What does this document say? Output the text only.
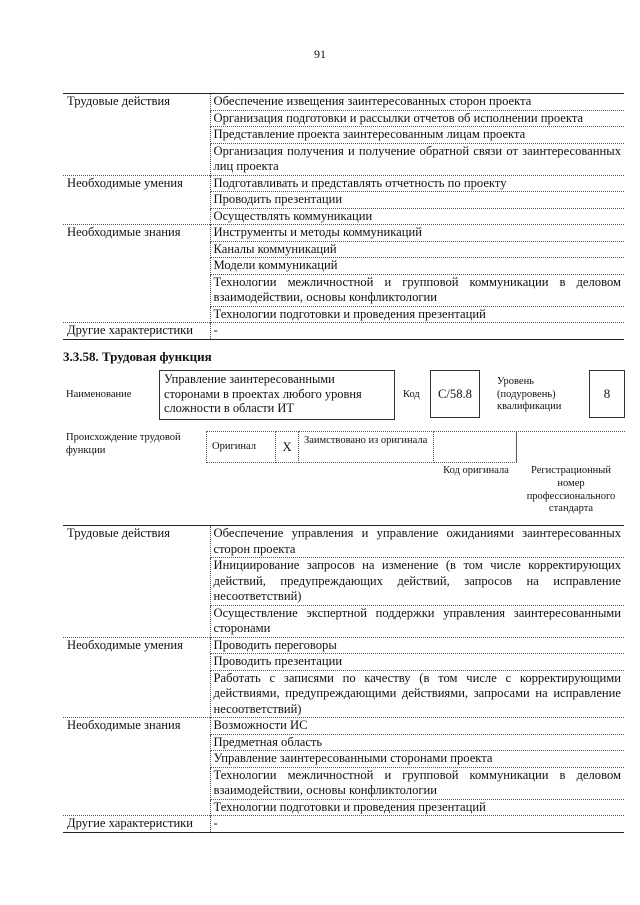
91
Трудовые действия	Обеспечение извещения заинтересованных сторон проекта
	Организация подготовки и рассылки отчетов об исполнении проекта
	Представление проекта заинтересованным лицам проекта
	Организация получения и получение обратной связи от заинтересованных лиц проекта
Необходимые умения	Подготавливать и представлять отчетность по проекту
	Проводить презентации
	Осуществлять коммуникации
Необходимые знания	Инструменты и методы коммуникаций
	Каналы коммуникаций
	Модели коммуникаций
	Технологии межличностной и групповой коммуникации в деловом взаимодействии, основы конфликтологии
	Технологии подготовки и проведения презентаций
Другие характеристики	-
3.3.58. Трудовая функция
Наименование
Управление заинтересованными сторонами в проектах любого уровня сложности в области ИТ
Код	C/58.8
Уровень (подуровень) квалификации
8
Происхождение трудовой функции	Оригинал	X	Заимствовано из оригинала
Код оригинала	Регистрационный номер профессионального стандарта
Трудовые действия	Обеспечение управления и управление ожиданиями заинтересованных сторон проекта
	Инициирование запросов на изменение (в том числе корректирующих действий, предупреждающих действий, запросов на исправление несоответствий)
	Осуществление экспертной поддержки управления заинтересованными сторонами
Необходимые умения	Проводить переговоры
	Проводить презентации
	Работать с записями по качеству (в том числе с корректирующими действиями, предупреждающими действиями, запросами на исправление несоответствий)
Необходимые знания	Возможности ИС
	Предметная область
	Управление заинтересованными сторонами проекта
	Технологии межличностной и групповой коммуникации в деловом взаимодействии, основы конфликтологии
	Технологии подготовки и проведения презентаций
Другие характеристики	-
